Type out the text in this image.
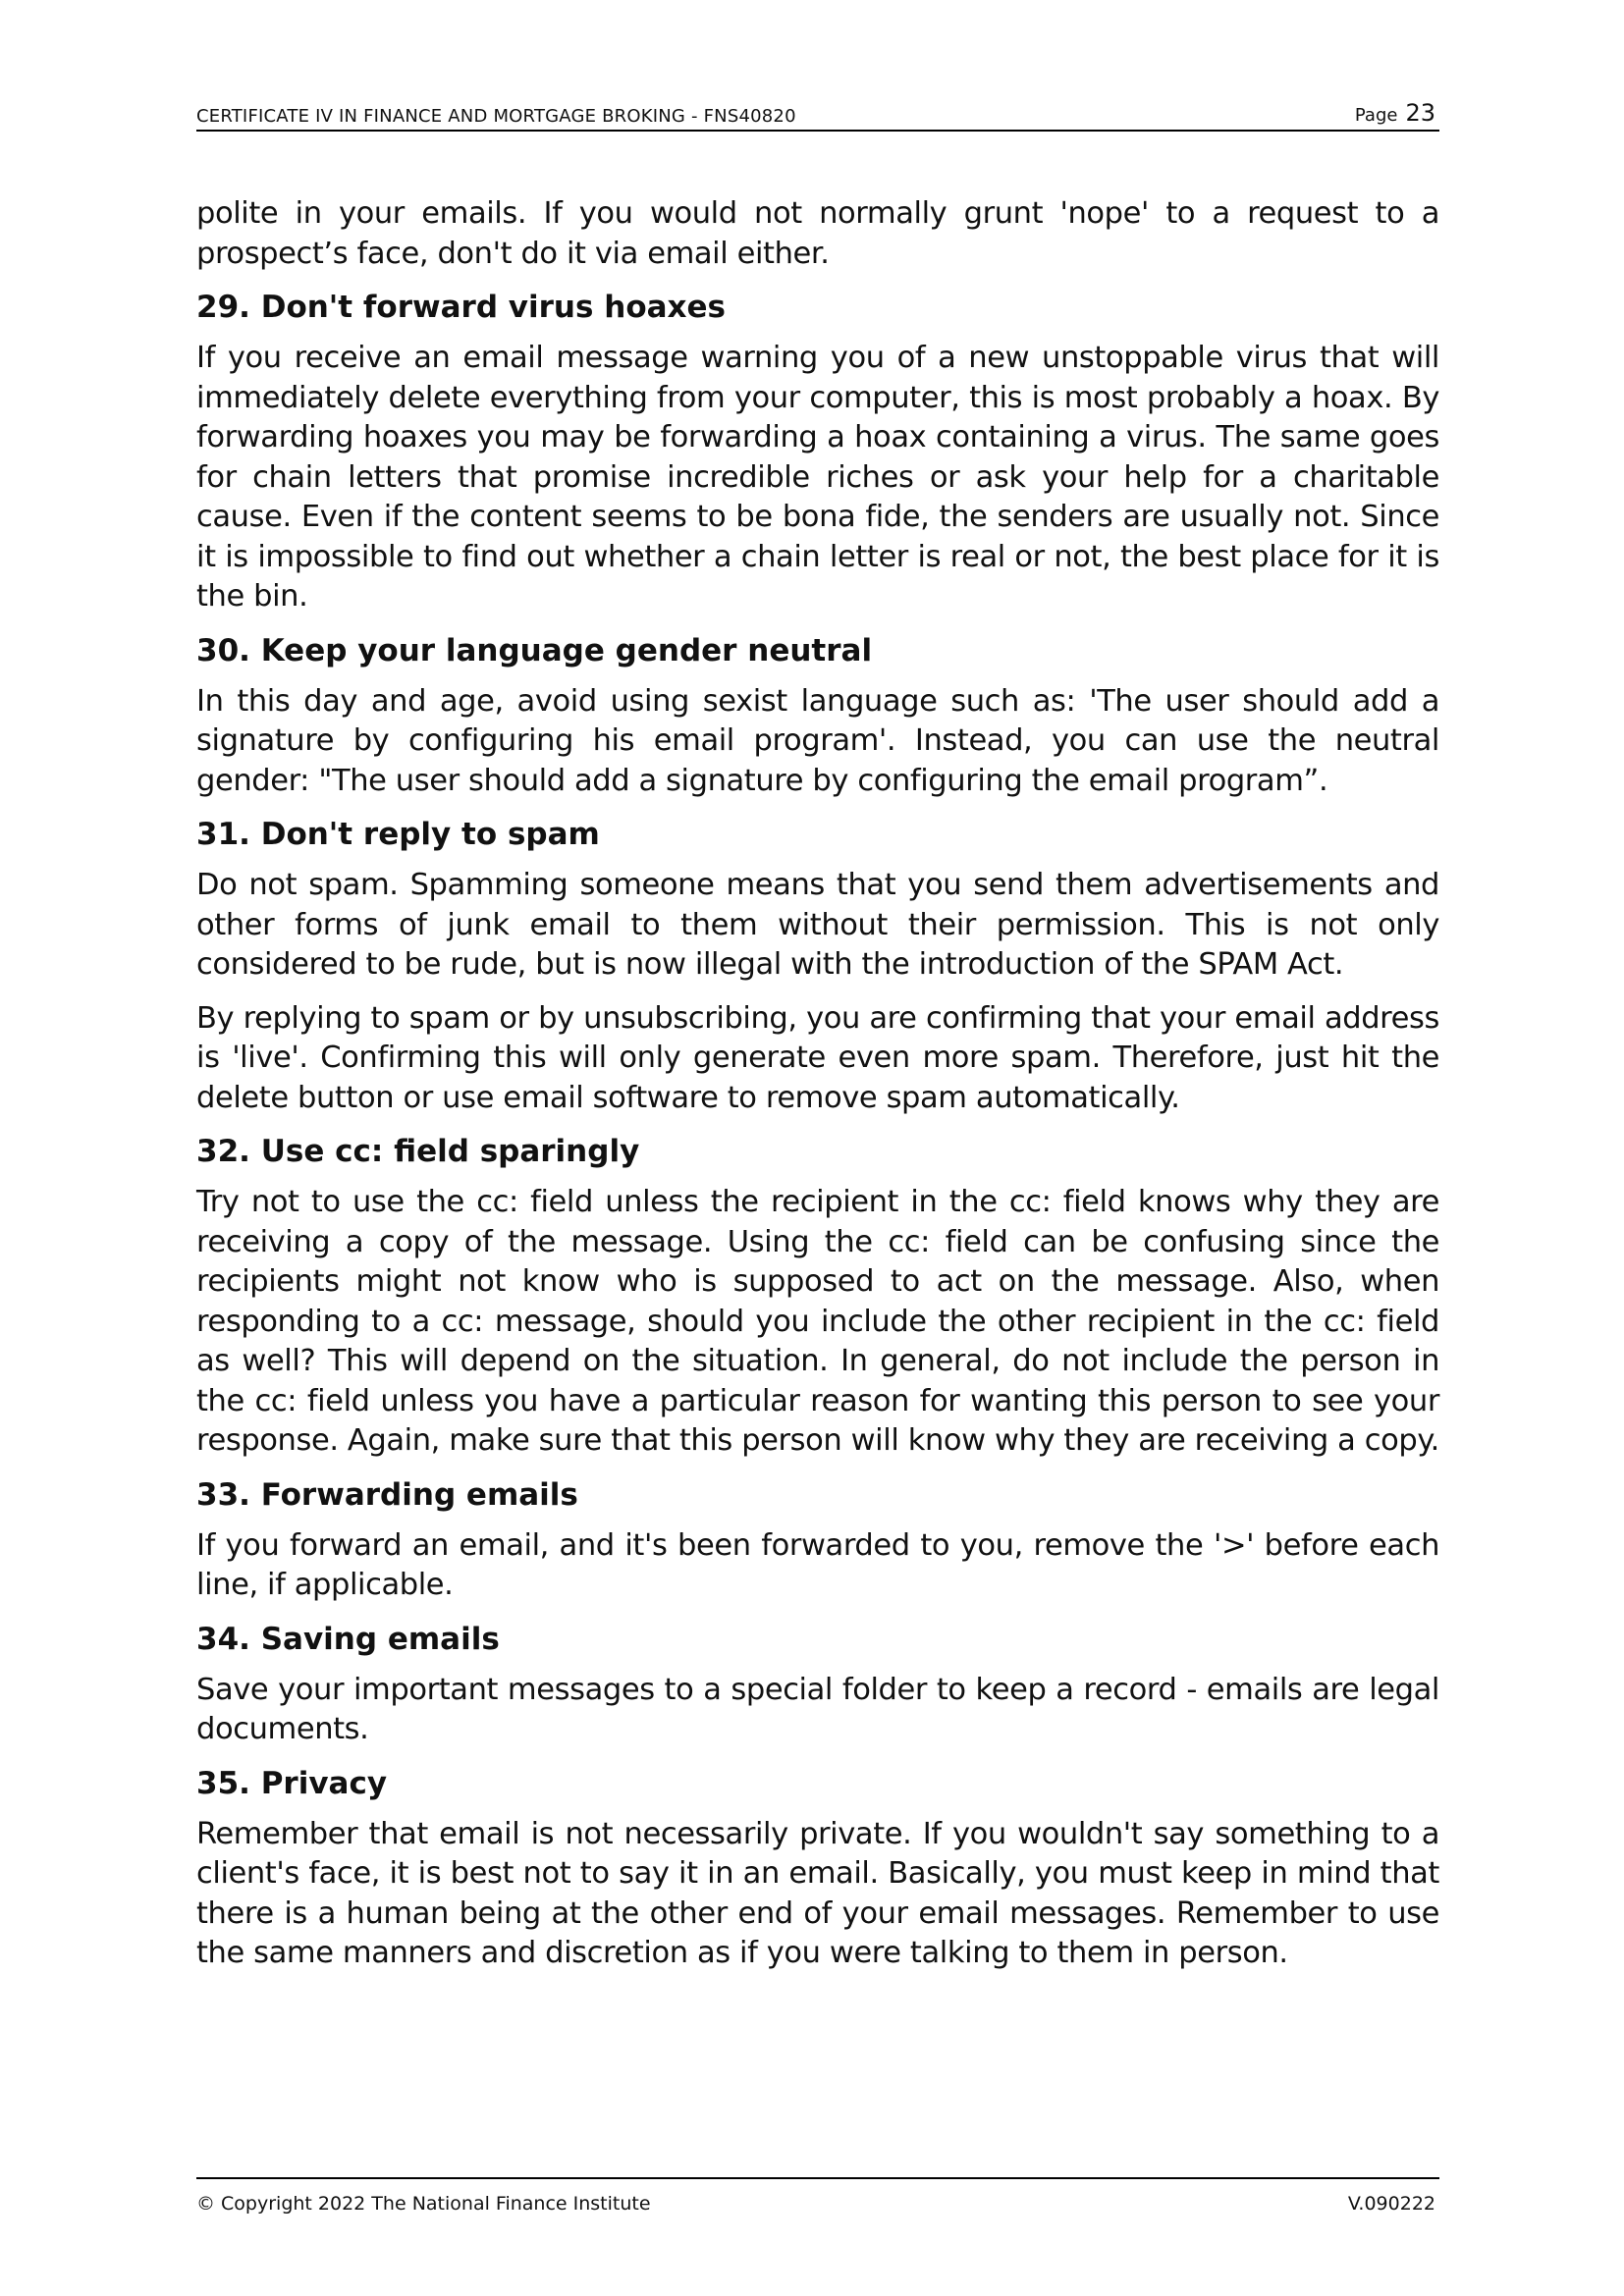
CERTIFICATE IV IN FINANCE AND MORTGAGE BROKING - FNS40820	Page 23

polite in your emails. If you would not normally grunt 'nope' to a request to a prospect’s face, don't do it via email either.

29. Don't forward virus hoaxes

If you receive an email message warning you of a new unstoppable virus that will immediately delete everything from your computer, this is most probably a hoax. By forwarding hoaxes you may be forwarding a hoax containing a virus. The same goes for chain letters that promise incredible riches or ask your help for a charitable cause. Even if the content seems to be bona fide, the senders are usually not. Since it is impossible to find out whether a chain letter is real or not, the best place for it is the bin.

30. Keep your language gender neutral

In this day and age, avoid using sexist language such as: 'The user should add a signature by configuring his email program'. Instead, you can use the neutral gender: "The user should add a signature by configuring the email program”.

31. Don't reply to spam

Do not spam. Spamming someone means that you send them advertisements and other forms of junk email to them without their permission. This is not only considered to be rude, but is now illegal with the introduction of the SPAM Act.

By replying to spam or by unsubscribing, you are confirming that your email address is 'live'. Confirming this will only generate even more spam. Therefore, just hit the delete button or use email software to remove spam automatically.

32. Use cc: field sparingly

Try not to use the cc: field unless the recipient in the cc: field knows why they are receiving a copy of the message. Using the cc: field can be confusing since the recipients might not know who is supposed to act on the message. Also, when responding to a cc: message, should you include the other recipient in the cc: field as well? This will depend on the situation. In general, do not include the person in the cc: field unless you have a particular reason for wanting this person to see your response. Again, make sure that this person will know why they are receiving a copy.

33. Forwarding emails

If you forward an email, and it's been forwarded to you, remove the '>' before each line, if applicable.

34. Saving emails

Save your important messages to a special folder to keep a record - emails are legal documents.

35. Privacy

Remember that email is not necessarily private. If you wouldn't say something to a client's face, it is best not to say it in an email. Basically, you must keep in mind that there is a human being at the other end of your email messages. Remember to use the same manners and discretion as if you were talking to them in person.

© Copyright 2022 The National Finance Institute	V.090222
